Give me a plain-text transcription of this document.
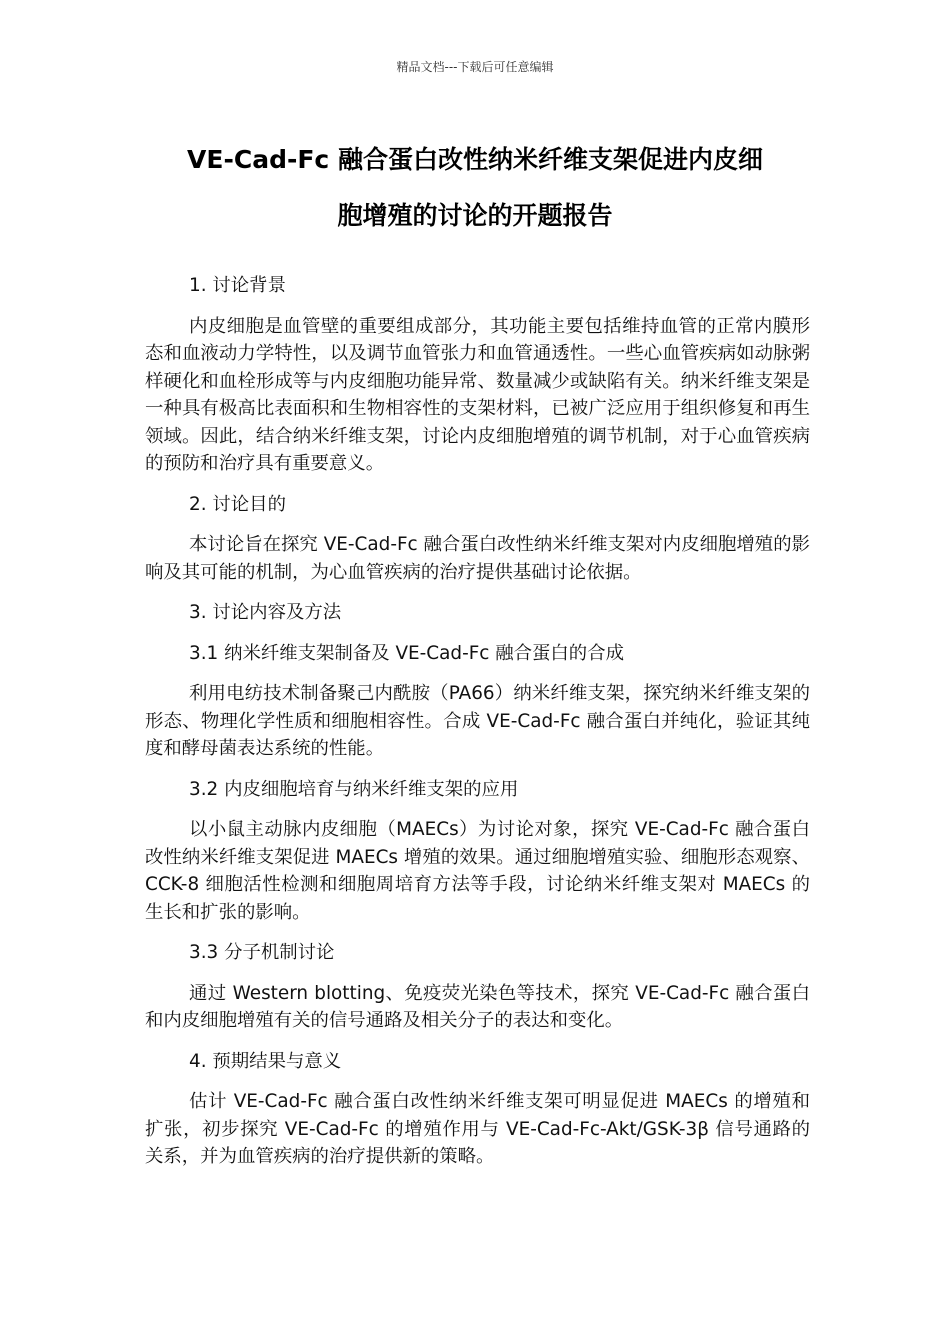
精品文档---下载后可任意编辑
VE-Cad-Fc 融合蛋白改性纳米纤维支架促进内皮细
胞增殖的讨论的开题报告

1. 讨论背景

内皮细胞是血管壁的重要组成部分，其功能主要包括维持血管的正常内膜形态和血液动力学特性，以及调节血管张力和血管通透性。一些心血管疾病如动脉粥样硬化和血栓形成等与内皮细胞功能异常、数量减少或缺陷有关。纳米纤维支架是一种具有极高比表面积和生物相容性的支架材料，已被广泛应用于组织修复和再生领域。因此，结合纳米纤维支架，讨论内皮细胞增殖的调节机制，对于心血管疾病的预防和治疗具有重要意义。

2. 讨论目的

本讨论旨在探究 VE-Cad-Fc 融合蛋白改性纳米纤维支架对内皮细胞增殖的影响及其可能的机制，为心血管疾病的治疗提供基础讨论依据。

3. 讨论内容及方法

3.1 纳米纤维支架制备及 VE-Cad-Fc 融合蛋白的合成

利用电纺技术制备聚己内酰胺（PA66）纳米纤维支架，探究纳米纤维支架的形态、物理化学性质和细胞相容性。合成 VE-Cad-Fc 融合蛋白并纯化，验证其纯度和酵母菌表达系统的性能。

3.2 内皮细胞培育与纳米纤维支架的应用

以小鼠主动脉内皮细胞（MAECs）为讨论对象，探究 VE-Cad-Fc 融合蛋白改性纳米纤维支架促进 MAECs 增殖的效果。通过细胞增殖实验、细胞形态观察、CCK-8 细胞活性检测和细胞周培育方法等手段，讨论纳米纤维支架对 MAECs 的生长和扩张的影响。

3.3 分子机制讨论

通过 Western blotting、免疫荧光染色等技术，探究 VE-Cad-Fc 融合蛋白和内皮细胞增殖有关的信号通路及相关分子的表达和变化。

4. 预期结果与意义

估计 VE-Cad-Fc 融合蛋白改性纳米纤维支架可明显促进 MAECs 的增殖和扩张，初步探究 VE-Cad-Fc 的增殖作用与 VE-Cad-Fc-Akt/GSK-3β 信号通路的关系，并为血管疾病的治疗提供新的策略。
